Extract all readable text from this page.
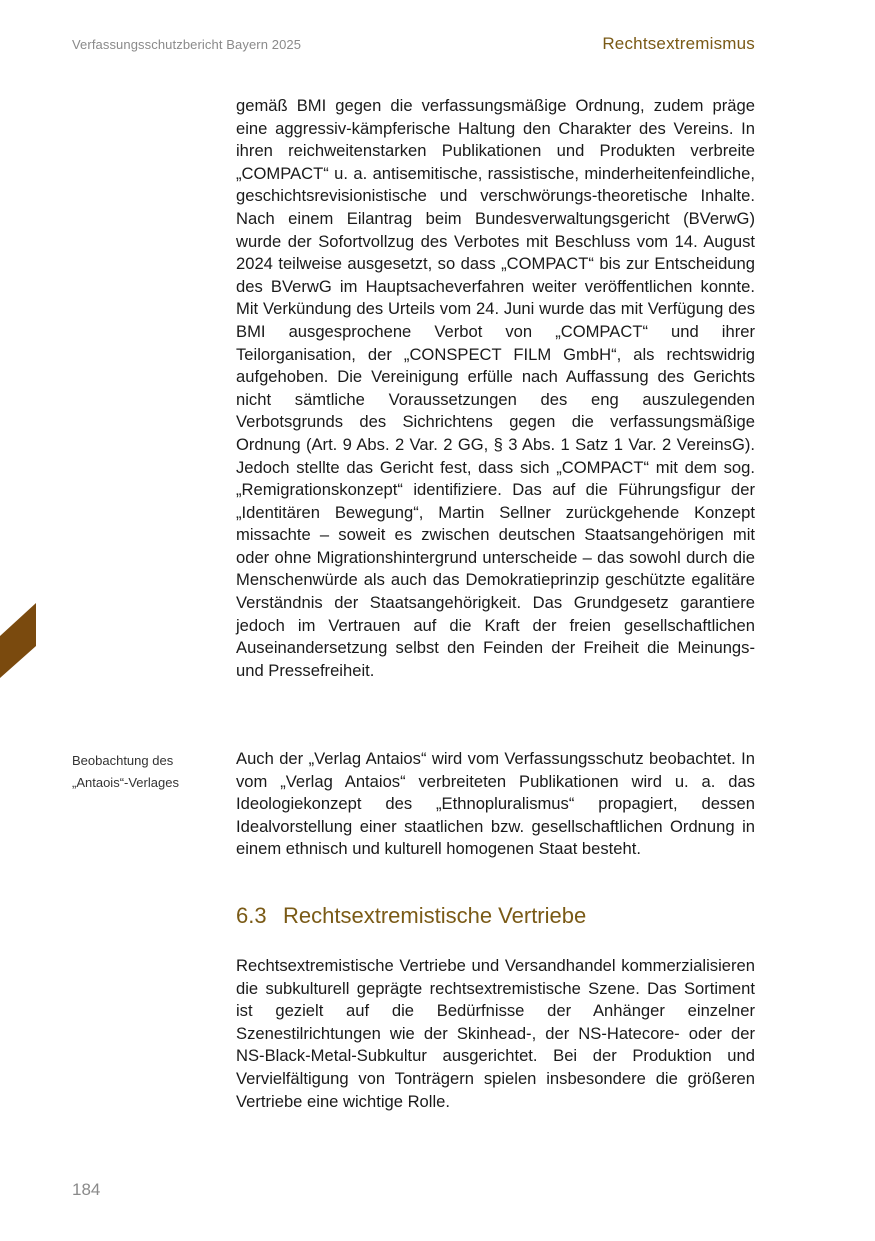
Verfassungsschutzbericht Bayern 2025	Rechtsextremismus

gemäß BMI gegen die verfassungsmäßige Ordnung, zudem präge eine aggressiv-kämpferische Haltung den Charakter des Vereins. In ihren reichweitenstarken Publikationen und Produkten verbreite „COMPACT“ u. a. antisemitische, rassistische, minderheitenfeindliche, geschichtsrevisionistische und verschwörungs-theoretische Inhalte. Nach einem Eilantrag beim Bundesverwaltungsgericht (BVerwG) wurde der Sofortvollzug des Verbotes mit Beschluss vom 14. August 2024 teilweise ausgesetzt, so dass „COMPACT“ bis zur Entscheidung des BVerwG im Hauptsacheverfahren weiter veröffentlichen konnte. Mit Verkündung des Urteils vom 24. Juni wurde das mit Verfügung des BMI ausgesprochene Verbot von „COMPACT“ und ihrer Teilorganisation, der „CONSPECT FILM GmbH“, als rechtswidrig aufgehoben. Die Vereinigung erfülle nach Auffassung des Gerichts nicht sämtliche Voraussetzungen des eng auszulegenden Verbotsgrunds des Sichrichtens gegen die verfassungsmäßige Ordnung (Art. 9 Abs. 2 Var. 2 GG, § 3 Abs. 1 Satz 1 Var. 2 VereinsG). Jedoch stellte das Gericht fest, dass sich „COMPACT“ mit dem sog. „Remigrationskonzept“ identifiziere. Das auf die Führungsfigur der „Identitären Bewegung“, Martin Sellner zurückgehende Konzept missachte – soweit es zwischen deutschen Staatsangehörigen mit oder ohne Migrationshintergrund unterscheide – das sowohl durch die Menschenwürde als auch das Demokratieprinzip geschützte egalitäre Verständnis der Staatsangehörigkeit. Das Grundgesetz garantiere jedoch im Vertrauen auf die Kraft der freien gesellschaftlichen Auseinandersetzung selbst den Feinden der Freiheit die Meinungs- und Pressefreiheit.

Beobachtung des
„Antaois“-Verlages

Auch der „Verlag Antaios“ wird vom Verfassungsschutz beobachtet. In vom „Verlag Antaios“ verbreiteten Publikationen wird u. a. das Ideologiekonzept des „Ethnopluralismus“ propagiert, dessen Idealvorstellung einer staatlichen bzw. gesellschaftlichen Ordnung in einem ethnisch und kulturell homogenen Staat besteht.

6.3 Rechtsextremistische Vertriebe

Rechtsextremistische Vertriebe und Versandhandel kommerzialisieren die subkulturell geprägte rechtsextremistische Szene. Das Sortiment ist gezielt auf die Bedürfnisse der Anhänger einzelner Szenestilrichtungen wie der Skinhead-, der NS-Hatecore- oder der NS-Black-Metal-Subkultur ausgerichtet. Bei der Produktion und Vervielfältigung von Tonträgern spielen insbesondere die größeren Vertriebe eine wichtige Rolle.

184
